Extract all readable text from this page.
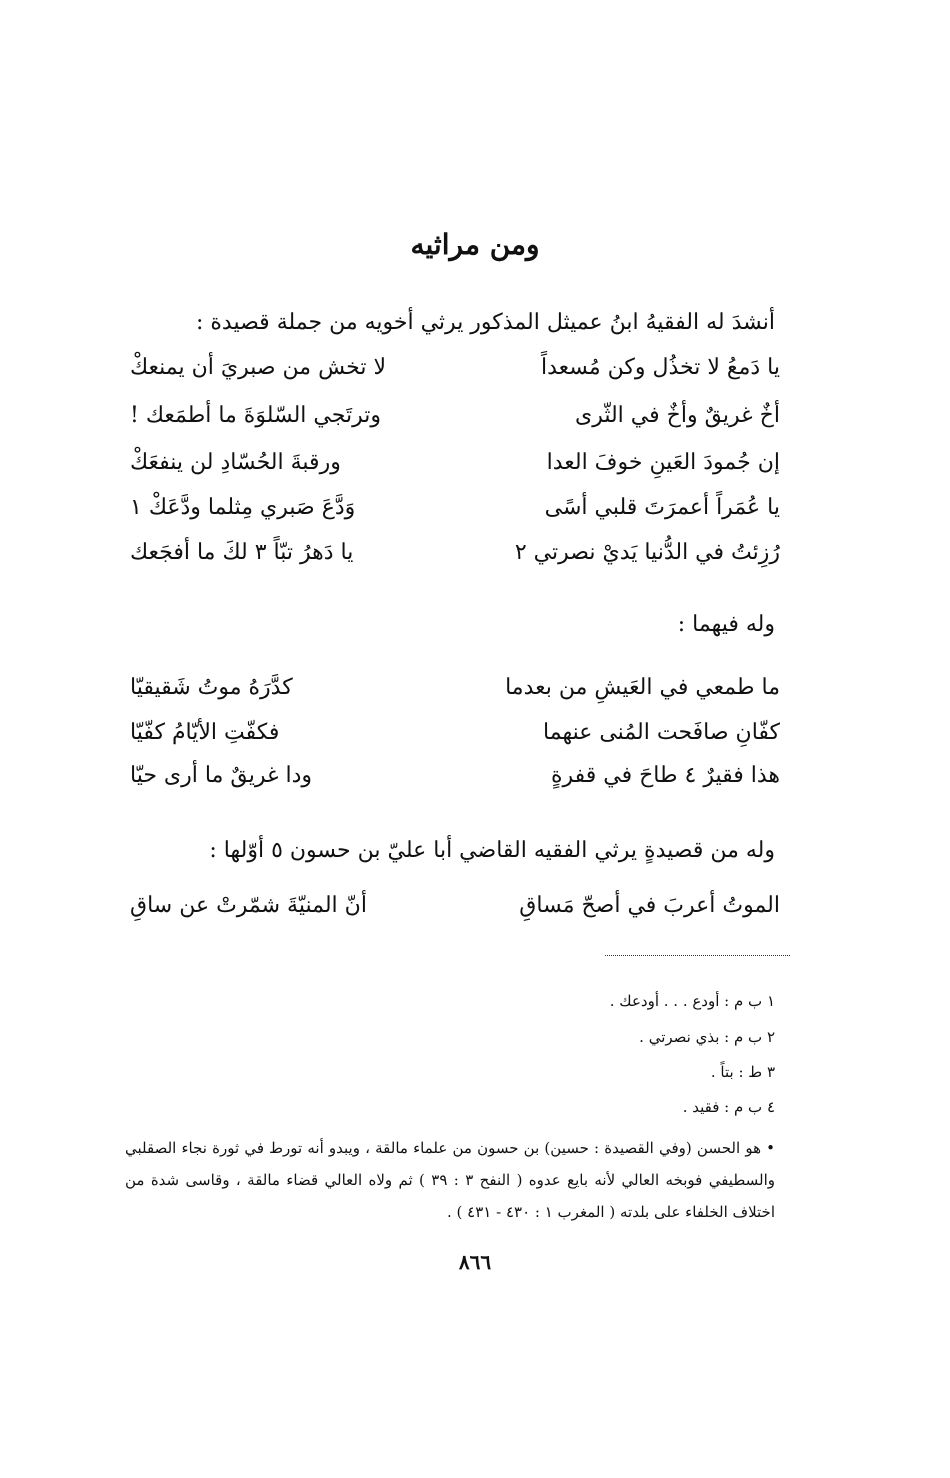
ومن مراثيه
أنشدَ له الفقيهُ ابنُ عميثل المذكور يرثي أخويه من جملة قصيدة :
يا دَمعُ لا تخذُل وكن مُسعداً
لا تخش من صبريَ أن يمنعكْ
أخٌ غريقٌ وأخٌ في الثّرى
وترتَجي السّلوَةَ ما أطمَعك !
إن جُمودَ العَينِ خوفَ العدا
ورقبةَ الحُسّادِ لن ينفعَكْ
يا عُمَراً أعمرَتَ قلبي أسًى
وَدَّعَ صَبري مِثلما ودَّعَكْ ١
رُزِئتُ في الدُّنيا يَديْ نصرتي ٢
يا دَهرُ تبّاً ٣ لكَ ما أفجَعك
وله فيهما :
ما طمعي في العَيشِ من بعدما
كدَّرَهُ موتُ شَقيقيّا
كفّانِ صافَحت المُنى عنهما
فكفّتِ الأيّامُ كفّيّا
هذا فقيرٌ ٤ طاحَ في قفرةٍ
ودا غريقٌ ما أرى حيّا
وله من قصيدةٍ يرثي الفقيه القاضي أبا عليّ بن حسون ٥ أوّلها :
الموتُ أعربَ في أصحّ مَساقِ
أنّ المنيّةَ شمّرتْ عن ساقِ
١ ب م : أودع . . . أودعك .
٢ ب م : بذي نصرتي .
٣ ط : بتاً .
٤ ب م : فقيد .
• هو الحسن (وفي القصيدة : حسين) بن حسون من علماء مالقة ، ويبدو أنه تورط في ثورة نجاء الصقلبي والسطيفي فوبخه العالي لأنه بايع عدوه ( النفح ٣ : ٣٩ ) ثم ولاه العالي قضاء مالقة ، وقاسى شدة من اختلاف الخلفاء على بلدته ( المغرب ١ : ٤٣٠ - ٤٣١ ) .
٨٦٦
